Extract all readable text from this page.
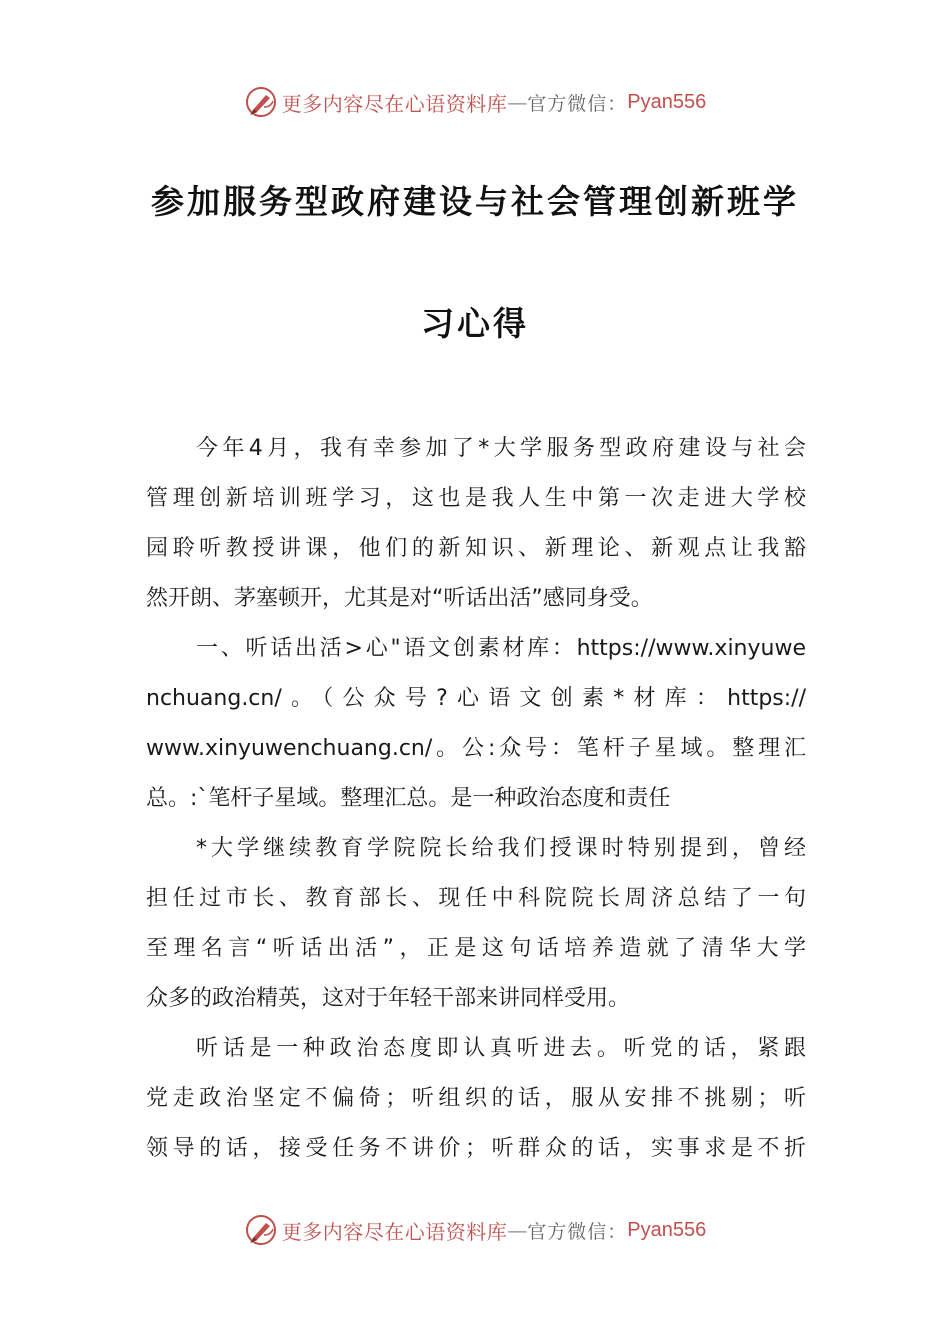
更多内容尽在心语资料库 — 官方微信： Pyan556
参加服务型政府建设与社会管理创新班学
习心得
今年4月，我有幸参加了*大学服务型政府建设与社会
管理创新培训班学习，这也是我人生中第一次走进大学校
园聆听教授讲课，他们的新知识、新理论、新观点让我豁
然开朗、茅塞顿开，尤其是对“听话出活”感同身受。
一、听话出活>心"语文创素材库：https://www.xinyuwe
nchuang.cn/。（公众号?心语文创素*材库：https://
www.xinyuwenchuang.cn/。公:众号：笔杆子星域。整理汇
总。:`笔杆子星域。整理汇总。是一种政治态度和责任
*大学继续教育学院院长给我们授课时特别提到，曾经
担任过市长、教育部长、现任中科院院长周济总结了一句
至理名言“听话出活”，正是这句话培养造就了清华大学
众多的政治精英，这对于年轻干部来讲同样受用。
听话是一种政治态度即认真听进去。听党的话，紧跟
党走政治坚定不偏倚；听组织的话，服从安排不挑剔；听
领导的话，接受任务不讲价；听群众的话，实事求是不折
更多内容尽在心语资料库 — 官方微信： Pyan556
